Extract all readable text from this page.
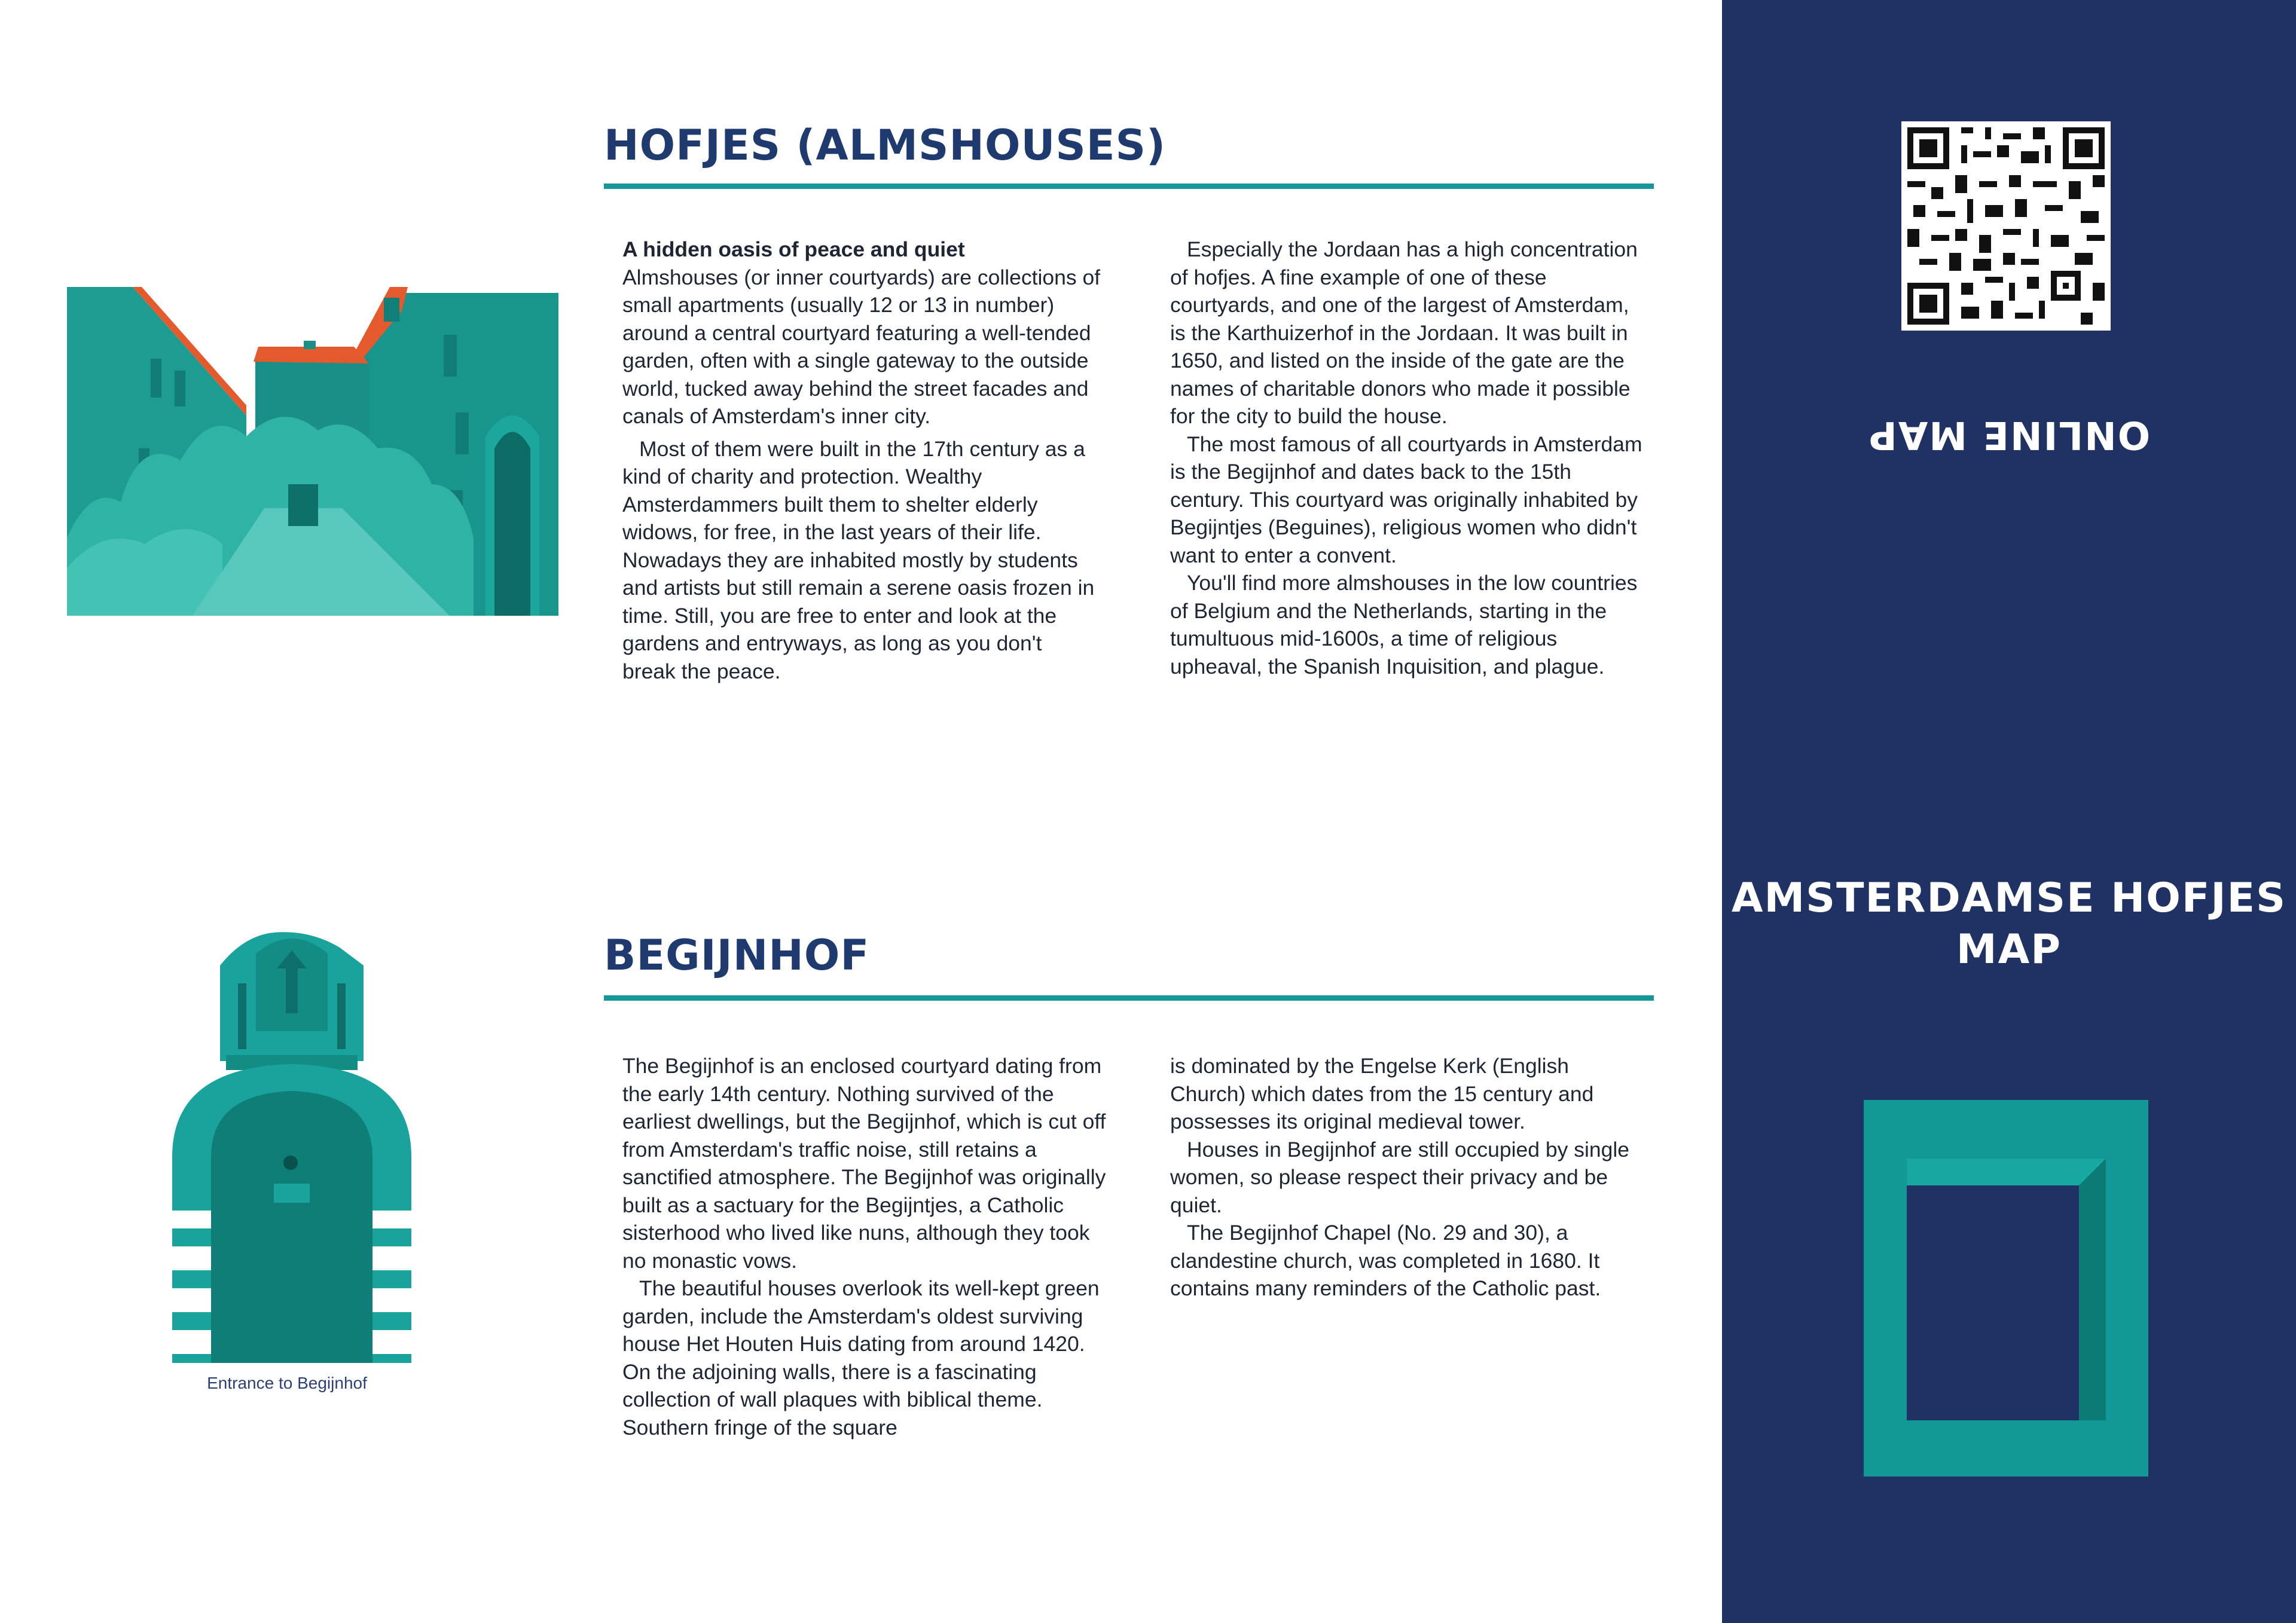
HOFJES (ALMSHOUSES)

A hidden oasis of peace and quiet
Almshouses (or inner courtyards) are collections of small apartments (usually 12 or 13 in number) around a central courtyard featuring a well-tended garden, often with a single gateway to the outside world, tucked away behind the street facades and canals of Amsterdam's inner city.

Most of them were built in the 17th century as a kind of charity and protection. Wealthy Amsterdammers built them to shelter elderly widows, for free, in the last years of their life. Nowadays they are inhabited mostly by students and artists but still remain a serene oasis frozen in time. Still, you are free to enter and look at the gardens and entryways, as long as you don't break the peace.

Especially the Jordaan has a high concentration of hofjes. A fine example of one of these courtyards, and one of the largest of Amsterdam, is the Karthuizerhof in the Jordaan. It was built in 1650, and listed on the inside of the gate are the names of charitable donors who made it possible for the city to build the house.

The most famous of all courtyards in Amsterdam is the Begijnhof and dates back to the 15th century. This courtyard was originally inhabited by Begijntjes (Beguines), religious women who didn't want to enter a convent.

You'll find more almshouses in the low countries of Belgium and the Netherlands, starting in the tumultuous mid-1600s, a time of religious upheaval, the Spanish Inquisition, and plague.

Entrance to Begijnhof
BEGIJNHOF

The Begijnhof is an enclosed courtyard dating from the early 14th century. Nothing survived of the earliest dwellings, but the Begijnhof, which is cut off from Amsterdam's traffic noise, still retains a sanctified atmosphere. The Begijnhof was originally built as a sactuary for the Begijntjes, a Catholic sisterhood who lived like nuns, although they took no monastic vows.

The beautiful houses overlook its well-kept green garden, include the Amsterdam's oldest surviving house Het Houten Huis dating from around 1420. On the adjoining walls, there is a fascinating collection of wall plaques with biblical theme. Southern fringe of the square

is dominated by the Engelse Kerk (English Church) which dates from the 15 century and possesses its original medieval tower.

Houses in Begijnhof are still occupied by single women, so please respect their privacy and be quiet.

The Begijnhof Chapel (No. 29 and 30), a clandestine church, was completed in 1680. It contains many reminders of the Catholic past.

ONLINE MAP
AMSTERDAMSE HOFJES
MAP
